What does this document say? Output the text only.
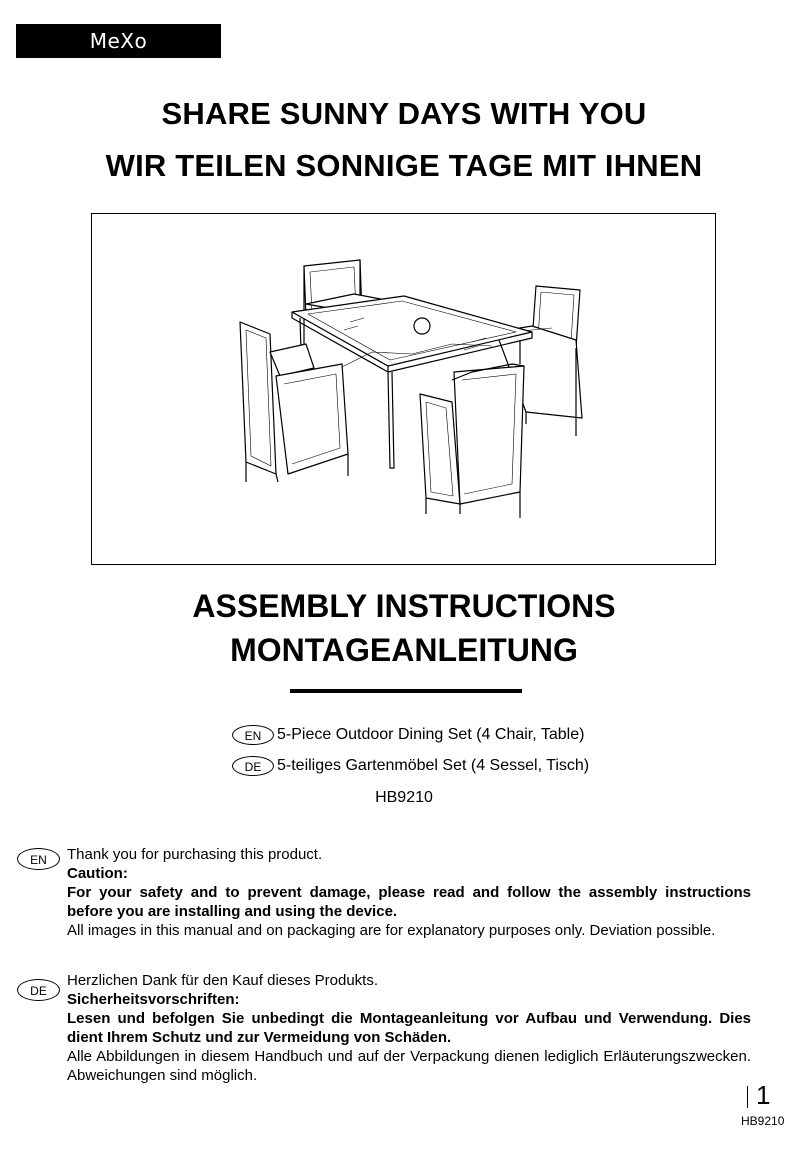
MeXo
SHARE SUNNY DAYS WITH YOU
WIR TEILEN SONNIGE TAGE MIT IHNEN
ASSEMBLY INSTRUCTIONS
MONTAGEANLEITUNG
EN 5-Piece Outdoor Dining Set (4 Chair, Table)
DE 5-teiliges Gartenmöbel Set (4 Sessel, Tisch)
HB9210
EN	Thank you for purchasing this product.

Caution:

For your safety and to prevent damage, please read and follow the assembly instructions before you are installing and using the device.

All images in this manual and on packaging are for explanatory purposes only. Deviation possible.

DE

Herzlichen Dank für den Kauf dieses Produkts.

Sicherheitsvorschriften:

Lesen und befolgen Sie unbedingt die Montageanleitung vor Aufbau und Verwendung. Dies dient Ihrem Schutz und zur Vermeidung von Schäden.

Alle Abbildungen in diesem Handbuch und auf der Verpackung dienen lediglich Erläuterungszwecken. Abweichungen sind möglich.

1
HB9210
